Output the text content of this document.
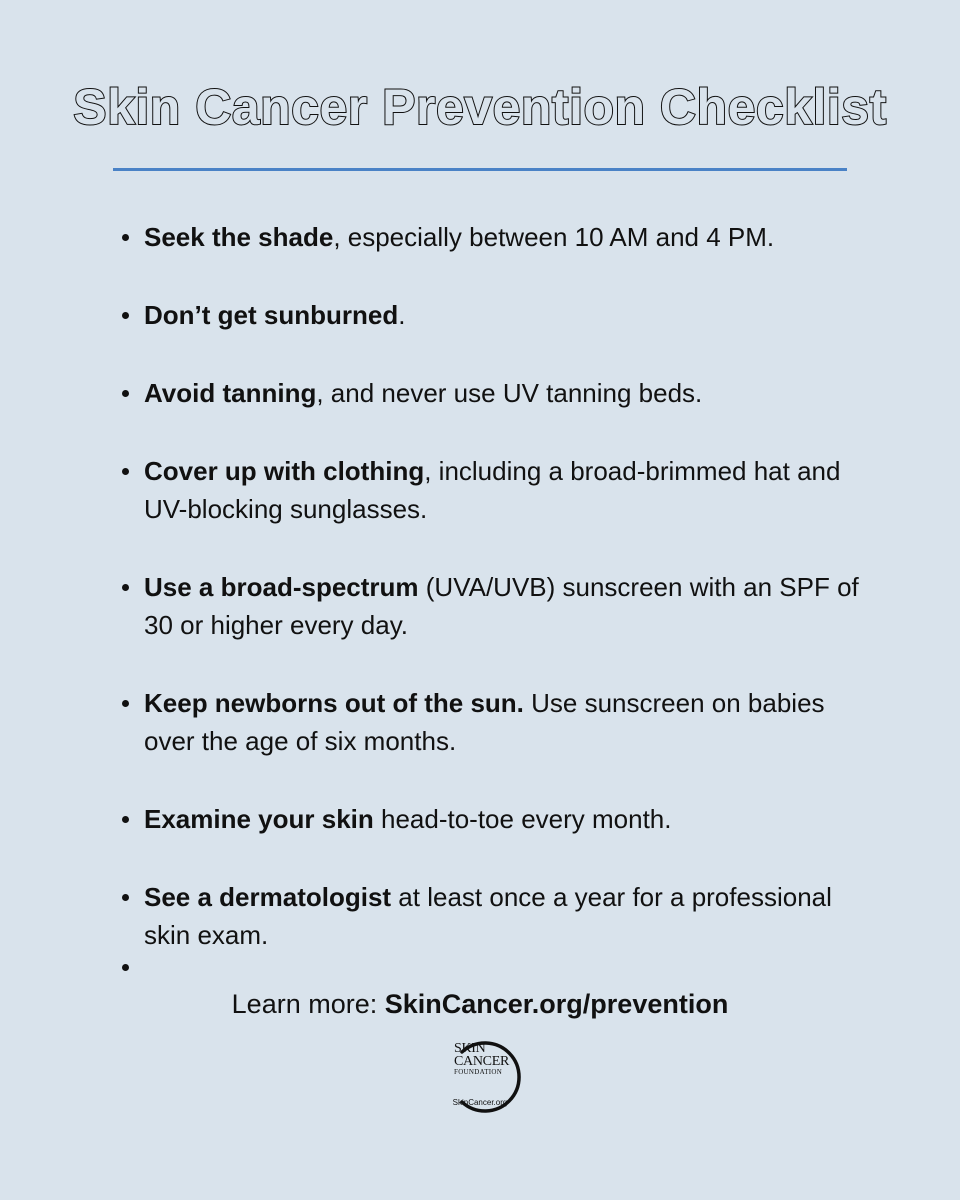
Skin Cancer Prevention Checklist
Seek the shade, especially between 10 AM and 4 PM.
Don’t get sunburned.
Avoid tanning, and never use UV tanning beds.
Cover up with clothing, including a broad-brimmed hat and UV-blocking sunglasses.
Use a broad-spectrum (UVA/UVB) sunscreen with an SPF of 30 or higher every day.
Keep newborns out of the sun. Use sunscreen on babies over the age of six months.
Examine your skin head-to-toe every month.
See a dermatologist at least once a year for a professional skin exam.
Learn more: SkinCancer.org/prevention
SKIN
CANCER
FOUNDATION
SkinCancer.org
